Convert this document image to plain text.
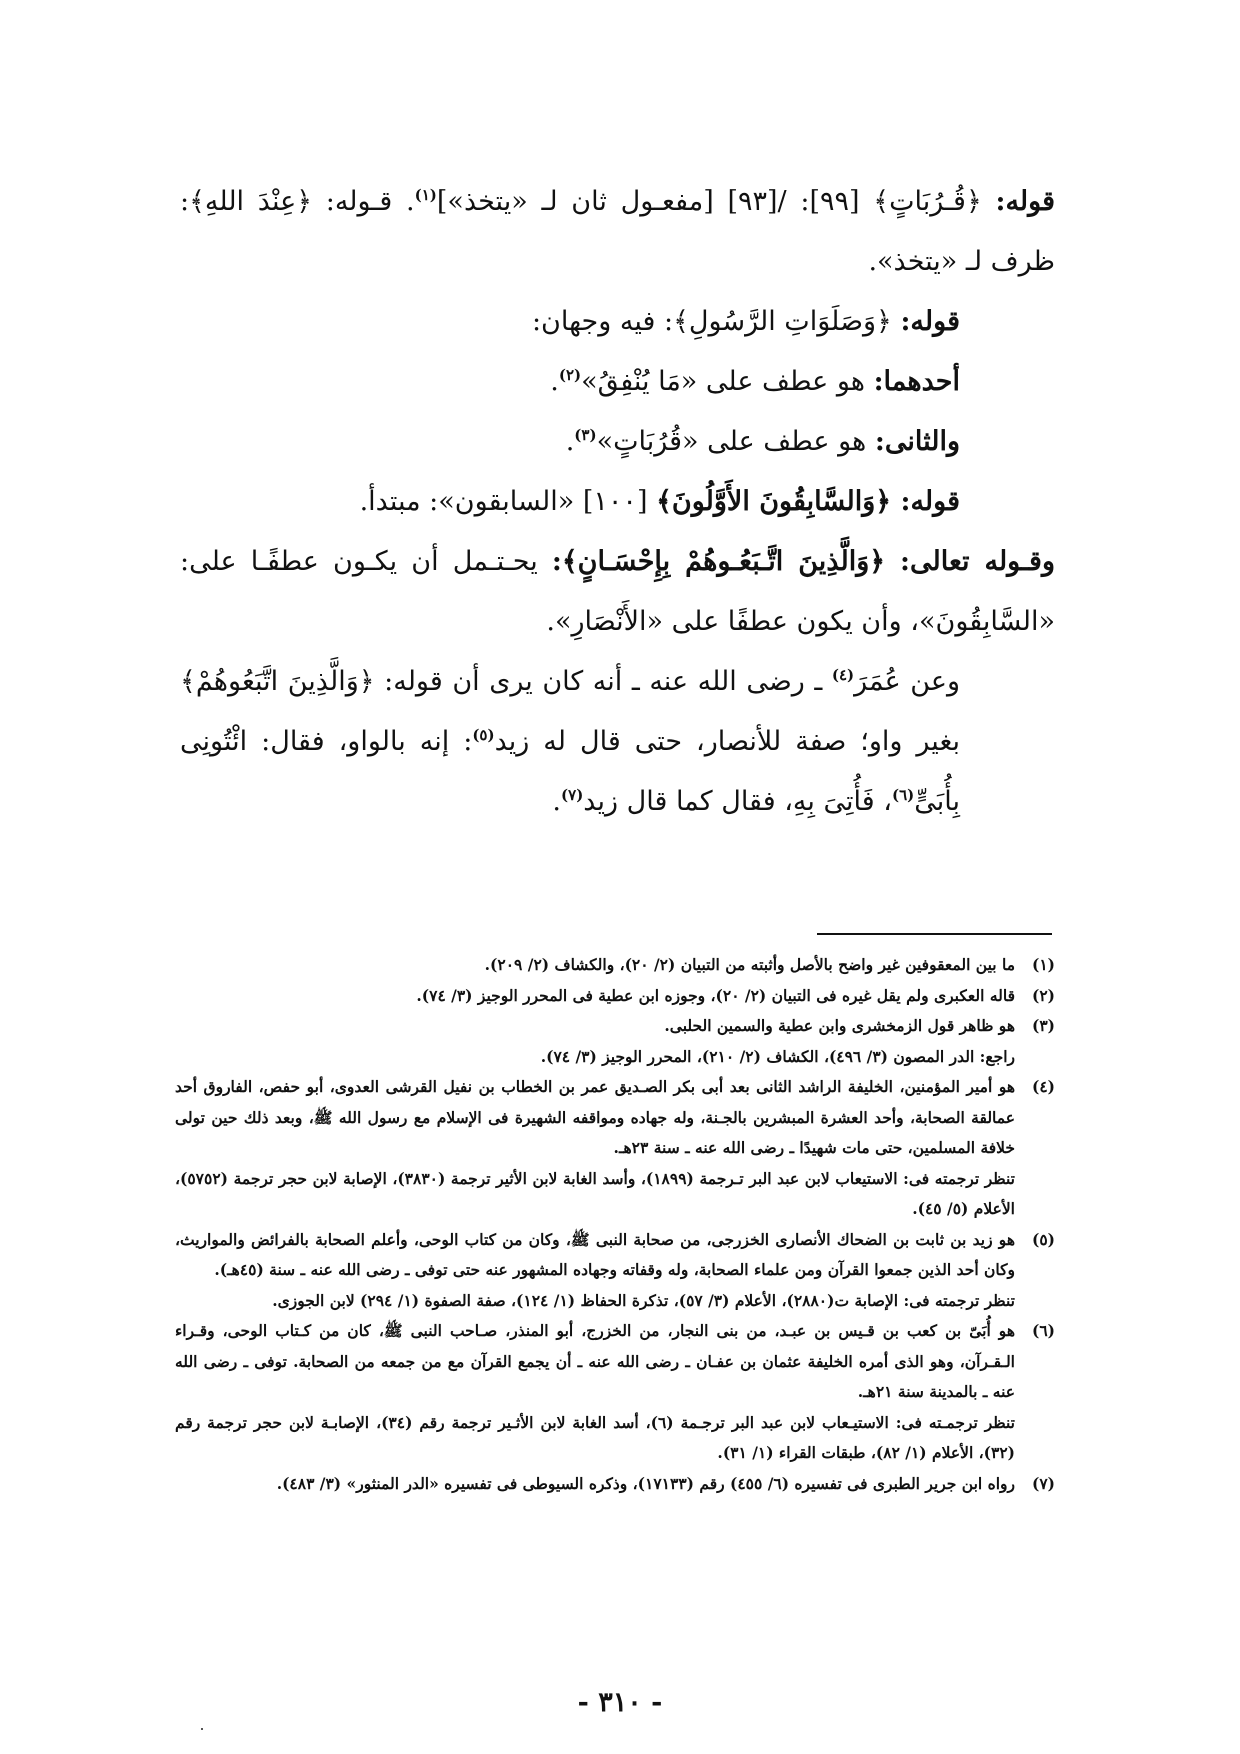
قوله: ﴿قُـرُبَاتٍ﴾ [٩٩]: /[٩٣] [مفعـول ثان لـ «يتخذ»]$^{(١)}$. قـوله: ﴿عِنْدَ اللهِ﴾: ظرف لـ «يتخذ».

قوله: ﴿وَصَلَوَاتِ الرَّسُولِ﴾: فيه وجهان:

أحدهما: هو عطف على «مَا يُنْفِقُ»$^{(٢)}$.

والثانى: هو عطف على «قُرُبَاتٍ»$^{(٣)}$.

قوله: ﴿وَالسَّابِقُونَ الأَوَّلُونَ﴾ [١٠٠] «السابقون»: مبتدأ.

وقـوله تعالى: ﴿وَالَّذِينَ اتَّـبَعُـوهُمْ بِإِحْسَـانٍ﴾: يحـتـمل أن يكـون عطفًـا على: «السَّابِقُونَ»، وأن يكون عطفًا على «الأَنْصَارِ».

وعن عُمَرَ$^{(٤)}$ ـ رضى الله عنه ـ أنه كان يرى أن قوله: ﴿وَالَّذِينَ اتَّبَعُوهُمْ﴾ بغير واو؛ صفة للأنصار، حتى قال له زيد$^{(٥)}$: إنه بالواو، فقال: ائْتُونِى بِأُبَىٍّ$^{(٦)}$، فَأُتِىَ بِهِ، فقال كما قال زيد$^{(٧)}$.

(١)

ما بين المعقوفين غير واضح بالأصل وأثبته من التبيان (٢/ ٢٠)، والكشاف (٢/ ٢٠٩).

(٢)

قاله العكبرى ولم يقل غيره فى التبيان (٢/ ٢٠)، وجوزه ابن عطية فى المحرر الوجيز (٣/ ٧٤).

(٣)

هو ظاهر قول الزمخشرى وابن عطية والسمين الحلبى.

راجع: الدر المصون (٣/ ٤٩٦)، الكشاف (٢/ ٢١٠)، المحرر الوجيز (٣/ ٧٤).

(٤)

هو أمير المؤمنين، الخليفة الراشد الثانى بعد أبى بكر الصـديق عمر بن الخطاب بن نفيل القرشى العدوى، أبو حفص، الفاروق أحد عمالقة الصحابة، وأحد العشرة المبشرين بالجـنة، وله جهاده ومواقفه الشهيرة فى الإسلام مع رسول الله ﷺ، وبعد ذلك حين تولى خلافة المسلمين، حتى مات شهيدًا ـ رضى الله عنه ـ سنة ٢٣هـ.

تنظر ترجمته فى: الاستيعاب لابن عبد البر تـرجمة (١٨٩٩)، وأسد الغابة لابن الأثير ترجمة (٣٨٣٠)، الإصابة لابن حجر ترجمة (٥٧٥٢)، الأعلام (٥/ ٤٥).

(٥)

هو زيد بن ثابت بن الضحاك الأنصارى الخزرجى، من صحابة النبى ﷺ، وكان من كتاب الوحى، وأعلم الصحابة بالفرائض والمواريث، وكان أحد الذين جمعوا القرآن ومن علماء الصحابة، وله وقفاته وجهاده المشهور عنه حتى توفى ـ رضى الله عنه ـ سنة (٤٥هـ).

تنظر ترجمته فى: الإصابة ت(٢٨٨٠)، الأعلام (٣/ ٥٧)، تذكرة الحفاظ (١/ ١٢٤)، صفة الصفوة (١/ ٢٩٤) لابن الجوزى.

(٦)

هو أُبَىّ بن كعب بن قـيس بن عبـد، من بنى النجار، من الخزرج، أبو المنذر، صـاحب النبى ﷺ، كان من كـتاب الوحى، وقـراء الـقـرآن، وهو الذى أمره الخليفة عثمان بن عفـان ـ رضى الله عنه ـ أن يجمع القرآن مع من جمعه من الصحابة. توفى ـ رضى الله عنه ـ بالمدينة سنة ٢١هـ.

تنظر ترجمـته فى: الاستيـعاب لابن عبد البر ترجـمة (٦)، أسد الغابة لابن الأثـير ترجمة رقم (٣٤)، الإصابـة لابن حجر ترجمة رقم (٣٢)، الأعلام (١/ ٨٢)، طبقات القراء (١/ ٣١).

(٧)

رواه ابن جرير الطبرى فى تفسيره (٦/ ٤٥٥) رقم (١٧١٣٣)، وذكره السيوطى فى تفسيره «الدر المنثور» (٣/ ٤٨٣).

- ٣١٠ -
